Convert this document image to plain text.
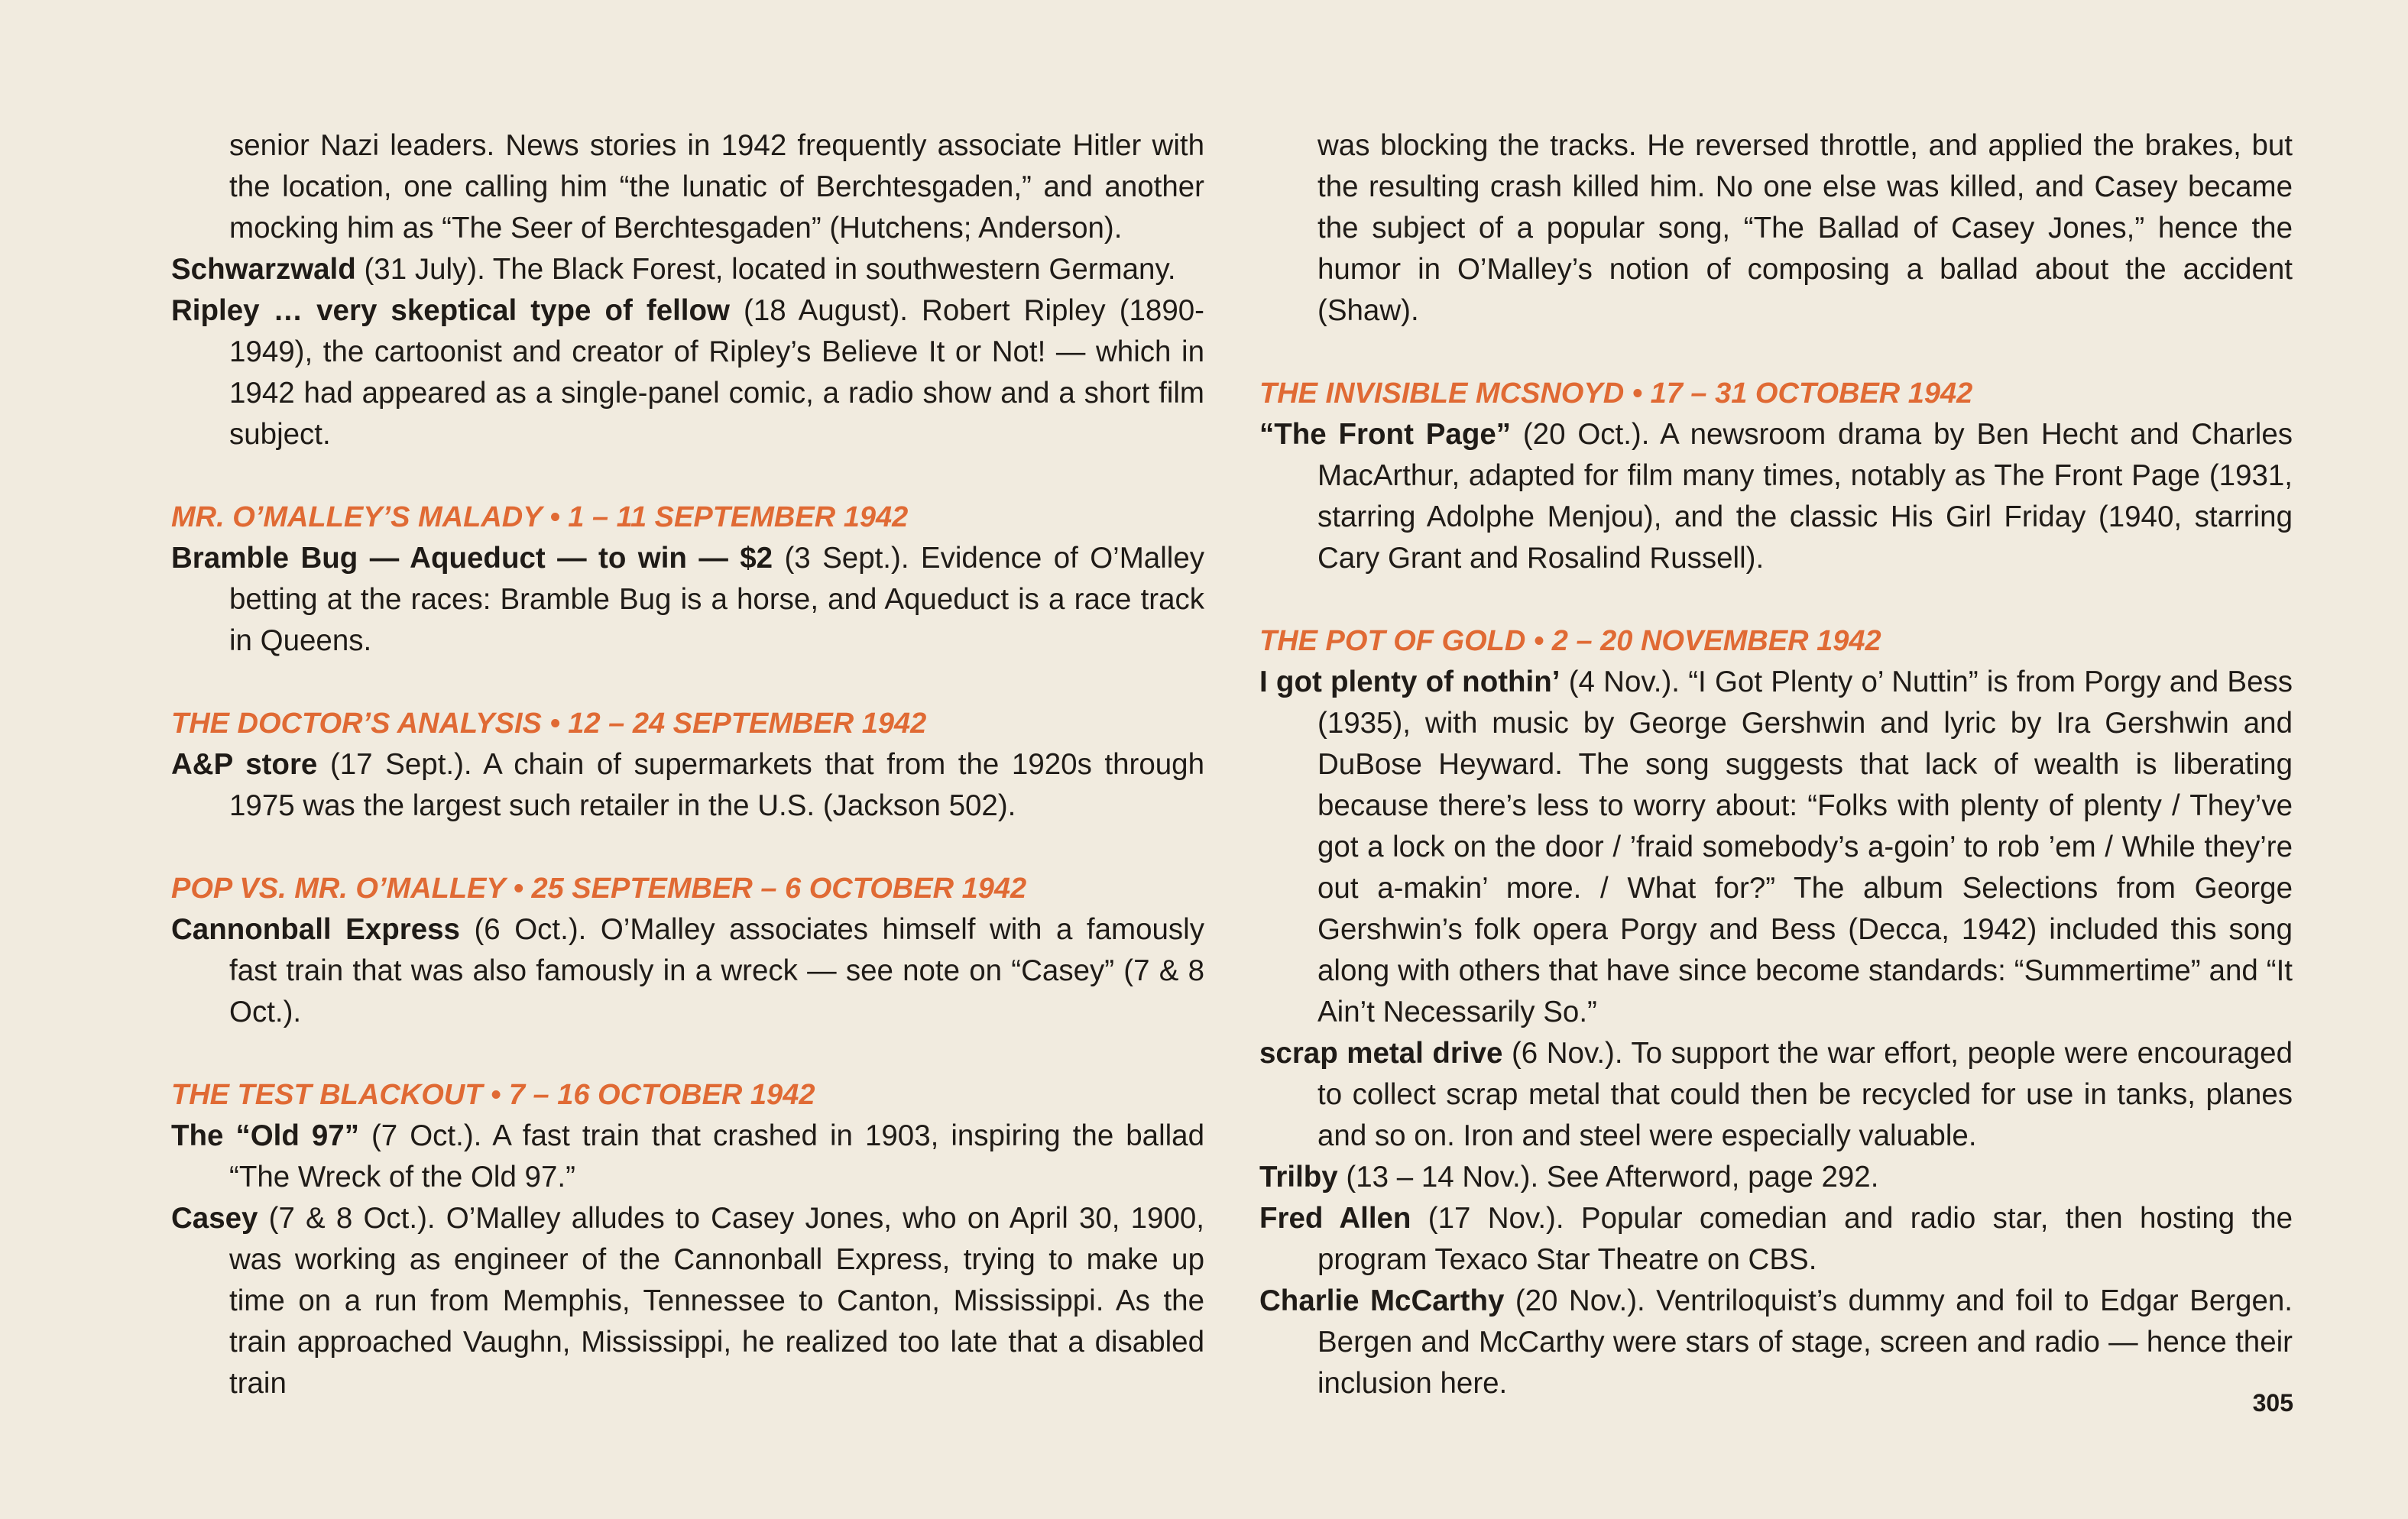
senior Nazi leaders. News stories in 1942 frequently associate Hitler with the location, one calling him “the lunatic of Berchtesgaden,” and another mocking him as “The Seer of Berchtesgaden” (Hutchens; Anderson).
Schwarzwald (31 July). The Black Forest, located in southwestern Germany.
Ripley … very skeptical type of fellow (18 August). Robert Ripley (1890-1949), the cartoonist and creator of Ripley’s Believe It or Not! — which in 1942 had appeared as a single-panel comic, a radio show and a short film subject.
MR. O’MALLEY’S MALADY • 1 – 11 SEPTEMBER 1942
Bramble Bug — Aqueduct — to win — $2 (3 Sept.). Evidence of O’Malley betting at the races: Bramble Bug is a horse, and Aqueduct is a race track in Queens.
THE DOCTOR’S ANALYSIS • 12 – 24 SEPTEMBER 1942
A&P store (17 Sept.). A chain of supermarkets that from the 1920s through 1975 was the largest such retailer in the U.S. (Jackson 502).
POP VS. MR. O’MALLEY • 25 SEPTEMBER – 6 OCTOBER 1942
Cannonball Express (6 Oct.). O’Malley associates himself with a famously fast train that was also famously in a wreck — see note on “Casey” (7 & 8 Oct.).
THE TEST BLACKOUT • 7 – 16 OCTOBER 1942
The “Old 97” (7 Oct.). A fast train that crashed in 1903, inspiring the ballad “The Wreck of the Old 97.”
Casey (7 & 8 Oct.). O’Malley alludes to Casey Jones, who on April 30, 1900, was working as engineer of the Cannonball Express, trying to make up time on a run from Memphis, Tennessee to Canton, Mississippi. As the train approached Vaughn, Mississippi, he realized too late that a disabled train
was blocking the tracks. He reversed throttle, and applied the brakes, but the resulting crash killed him. No one else was killed, and Casey became the subject of a popular song, “The Ballad of Casey Jones,” hence the humor in O’Malley’s notion of composing a ballad about the accident (Shaw).
THE INVISIBLE MCSNOYD • 17 – 31 OCTOBER 1942
“The Front Page” (20 Oct.). A newsroom drama by Ben Hecht and Charles MacArthur, adapted for film many times, notably as The Front Page (1931, starring Adolphe Menjou), and the classic His Girl Friday (1940, starring Cary Grant and Rosalind Russell).
THE POT OF GOLD • 2 – 20 NOVEMBER 1942
I got plenty of nothin’ (4 Nov.). “I Got Plenty o’ Nuttin” is from Porgy and Bess (1935), with music by George Gershwin and lyric by Ira Gershwin and DuBose Heyward. The song suggests that lack of wealth is liberating because there’s less to worry about: “Folks with plenty of plenty / They’ve got a lock on the door / ’fraid somebody’s a-goin’ to rob ’em / While they’re out a-makin’ more. / What for?” The album Selections from George Gershwin’s folk opera Porgy and Bess (Decca, 1942) included this song along with others that have since become standards: “Summertime” and “It Ain’t Necessarily So.”
scrap metal drive (6 Nov.). To support the war effort, people were encouraged to collect scrap metal that could then be recycled for use in tanks, planes and so on. Iron and steel were especially valuable.
Trilby (13 – 14 Nov.). See Afterword, page 292.
Fred Allen (17 Nov.). Popular comedian and radio star, then hosting the program Texaco Star Theatre on CBS.
Charlie McCarthy (20 Nov.). Ventriloquist’s dummy and foil to Edgar Bergen. Bergen and McCarthy were stars of stage, screen and radio — hence their inclusion here.
305
